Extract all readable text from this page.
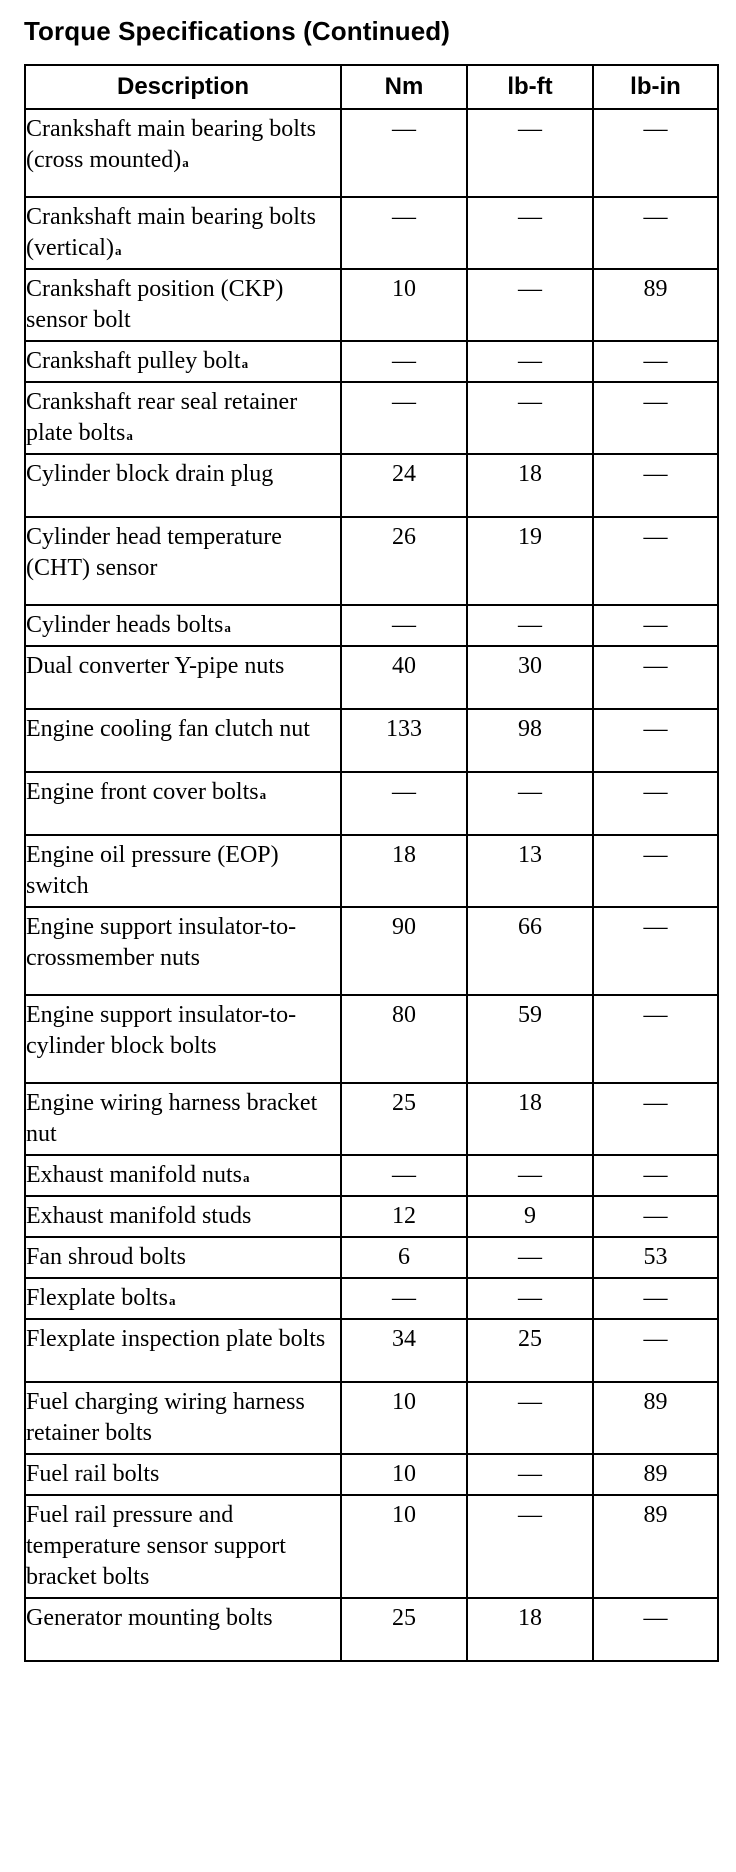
Torque Specifications (Continued)
Description	Nm	lb-ft	lb-in
Crankshaft main bearing bolts (cross mounted)$^a$	—	—	—
Crankshaft main bearing bolts (vertical)$^a$	—	—	—
Crankshaft position (CKP) sensor bolt	10	—	89
Crankshaft pulley bolt$^a$	—	—	—
Crankshaft rear seal retainer plate bolts$^a$	—	—	—
Cylinder block drain plug	24	18	—
Cylinder head temperature (CHT) sensor	26	19	—
Cylinder heads bolts$^a$	—	—	—
Dual converter Y-pipe nuts	40	30	—
Engine cooling fan clutch nut	133	98	—
Engine front cover bolts$^a$	—	—	—
Engine oil pressure (EOP) switch	18	13	—
Engine support insulator-to-crossmember nuts	90	66	—
Engine support insulator-to-cylinder block bolts	80	59	—
Engine wiring harness bracket nut	25	18	—
Exhaust manifold nuts$^a$	—	—	—
Exhaust manifold studs	12	9	—
Fan shroud bolts	6	—	53
Flexplate bolts$^a$	—	—	—
Flexplate inspection plate bolts	34	25	—
Fuel charging wiring harness retainer bolts	10	—	89
Fuel rail bolts	10	—	89
Fuel rail pressure and temperature sensor support bracket bolts	10	—	89
Generator mounting bolts	25	18	—
